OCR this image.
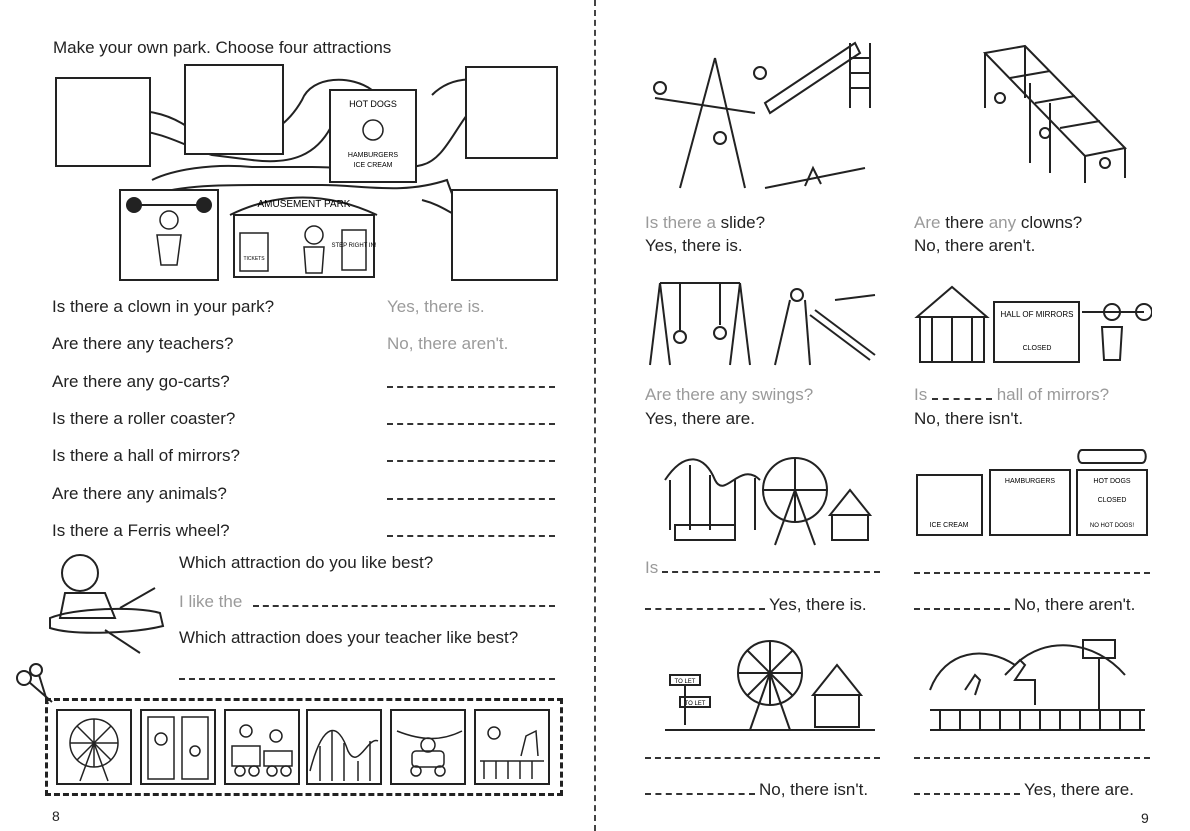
Make your own park. Choose four attractions
HOT DOGS
HAMBURGERS
ICE CREAM
AMUSEMENT PARK
TICKETS
STEP RIGHT IN!
Is there a clown in your park?	Yes, there is.
Are there any teachers?	No, there aren't.
Are there any go-carts?
Is there a roller coaster?
Is there a hall of mirrors?
Are there any animals?
Is there a Ferris wheel?
Which attraction do you like best?
I like the
Which attraction does your teacher like best?
8
Is there a slide?
Yes, there is.
Are there any clowns?
No, there aren't.
HALL OF MIRRORS
CLOSED
Are there any swings?
Yes, there are.
Is	hall of mirrors?
No, there isn't.
HAMBURGERS	HOT DOGS
CLOSED
ICE CREAM	NO HOT DOGS!
Is
Yes, there is.	No, there aren't.
TO LET
TO LET
No, there isn't.	Yes, there are.
9
